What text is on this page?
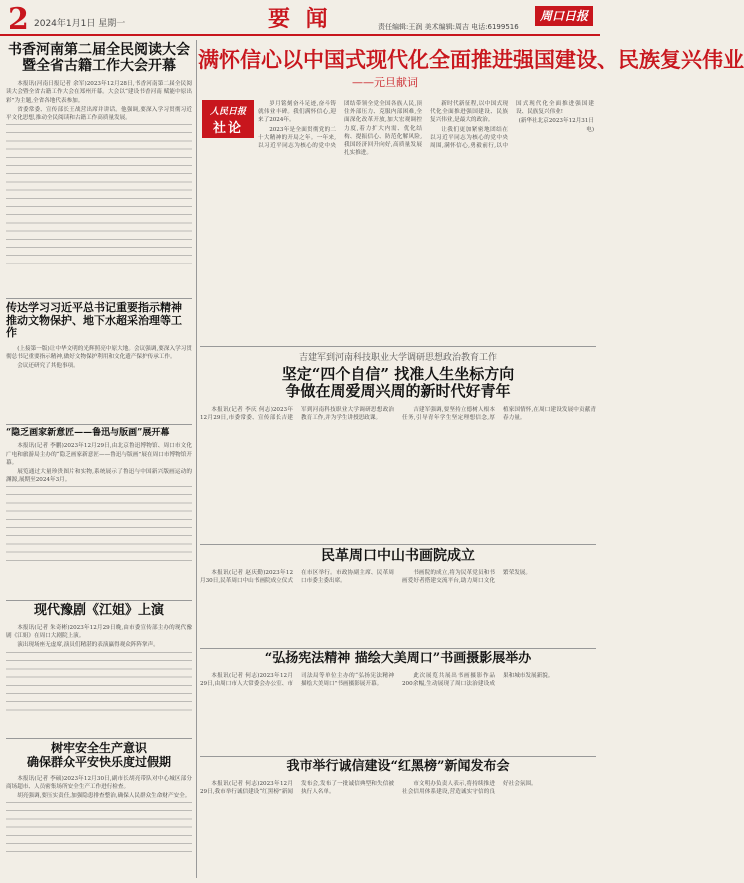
2 2024年1月1日 星期一	要 闻	责任编辑:王润 美术编辑:周吉 电话:6199516
周口日报
书香河南第二届全民阅读大会
暨全省古籍工作大会开幕

本报讯(河南日报记者 余军)2023年12月28日,书香河南第二届全民阅读大会暨全省古籍工作大会在郑州开幕。大会以“建设书香河南 赋能中原出彩”为主题,全省各地代表参加。

省委常委、宣传部长王战营出席并讲话。他强调,要深入学习贯彻习近平文化思想,推动全民阅读和古籍工作高质量发展。

传达学习习近平总书记重要指示精神
推动文物保护、地下水超采治理等工作

(上接第一版)让中华文明的光辉照亮中原大地。会议强调,要深入学习贯彻总书记重要指示精神,做好文物保护利用和文化遗产保护传承工作。

会议还研究了其他事项。

“隐乏画家新意匠——鲁迅与版画”展开幕

本报讯(记者 李鹏)2023年12月29日,由北京鲁迅博物馆、周口市文化广电和旅游局主办的“隐乏画家新意匠——鲁迅与版画”展在周口市博物馆开幕。

展览通过大量珍贵图片和实物,系统展示了鲁迅与中国新兴版画运动的渊源,展期至2024年3月。

现代豫剧《江姐》上演

本报讯(记者 朱奇彬)2023年12月29日晚,由市委宣传部主办的现代豫剧《江姐》在周口大剧院上演。

演出现场座无虚席,演员们精湛的表演赢得观众阵阵掌声。

树牢安全生产意识
确保群众平安快乐度过假期

本报讯(记者 李硕)2023年12月30日,副市长胡亮带队对中心城区部分商场超市、人员密集场所安全生产工作进行检查。

胡亮强调,要压实责任,加强隐患排查整治,确保人民群众生命财产安全。

满怀信心以中国式现代化全面推进强国建设、民族复兴伟业
——元旦献词
人民日报
社论

岁月铭刻奋斗足迹,奋斗铸就伟业丰碑。我们满怀信心,迎来了2024年。

2023年是全面贯彻党的二十大精神的开局之年。一年来,以习近平同志为核心的党中央团结带领全党全国各族人民,顶住外部压力、克服内部困难,全面深化改革开放,加大宏观调控力度,着力扩大内需、优化结构、提振信心、防范化解风险,我国经济回升向好,高质量发展扎实推进。

新时代新征程,以中国式现代化全面推进强国建设、民族复兴伟业,是最大的政治。

让我们更加紧密地团结在以习近平同志为核心的党中央周围,满怀信心,勇毅前行,以中国式现代化全面推进强国建设、民族复兴伟业!

(新华社北京2023年12月31日电)

吉建军到河南科技职业大学调研思想政治教育工作
坚定“四个自信” 找准人生坐标方向
争做在周爱周兴周的新时代好青年

本报讯(记者 李庆 何志)2023年12月29日,市委常委、宣传部长吉建军到河南科技职业大学调研思想政治教育工作,并为学生讲授思政课。

吉建军强调,要坚持立德树人根本任务,引导青年学生坚定理想信念,厚植家国情怀,在周口建设发展中贡献青春力量。

民革周口中山书画院成立

本报讯(记者 赵庆勤)2023年12月30日,民革周口中山书画院成立仪式在市区举行。市政协副主席、民革周口市委主委出席。

书画院的成立,将为民革党员和书画爱好者搭建交流平台,助力周口文化繁荣发展。

“弘扬宪法精神 描绘大美周口”书画摄影展举办

本报讯(记者 何志)2023年12月29日,由周口市人大常委会办公室、市司法局等单位主办的“弘扬宪法精神 描绘大美周口”书画摄影展开幕。

此次展览共展出书画摄影作品200余幅,生动展现了周口法治建设成果和城市发展新貌。

我市举行诚信建设“红黑榜”新闻发布会

本报讯(记者 何志)2023年12月29日,我市举行诚信建设“红黑榜”新闻发布会,发布了一批诚信典型和失信被执行人名单。

市文明办负责人表示,将持续推进社会信用体系建设,营造诚实守信的良好社会氛围。
